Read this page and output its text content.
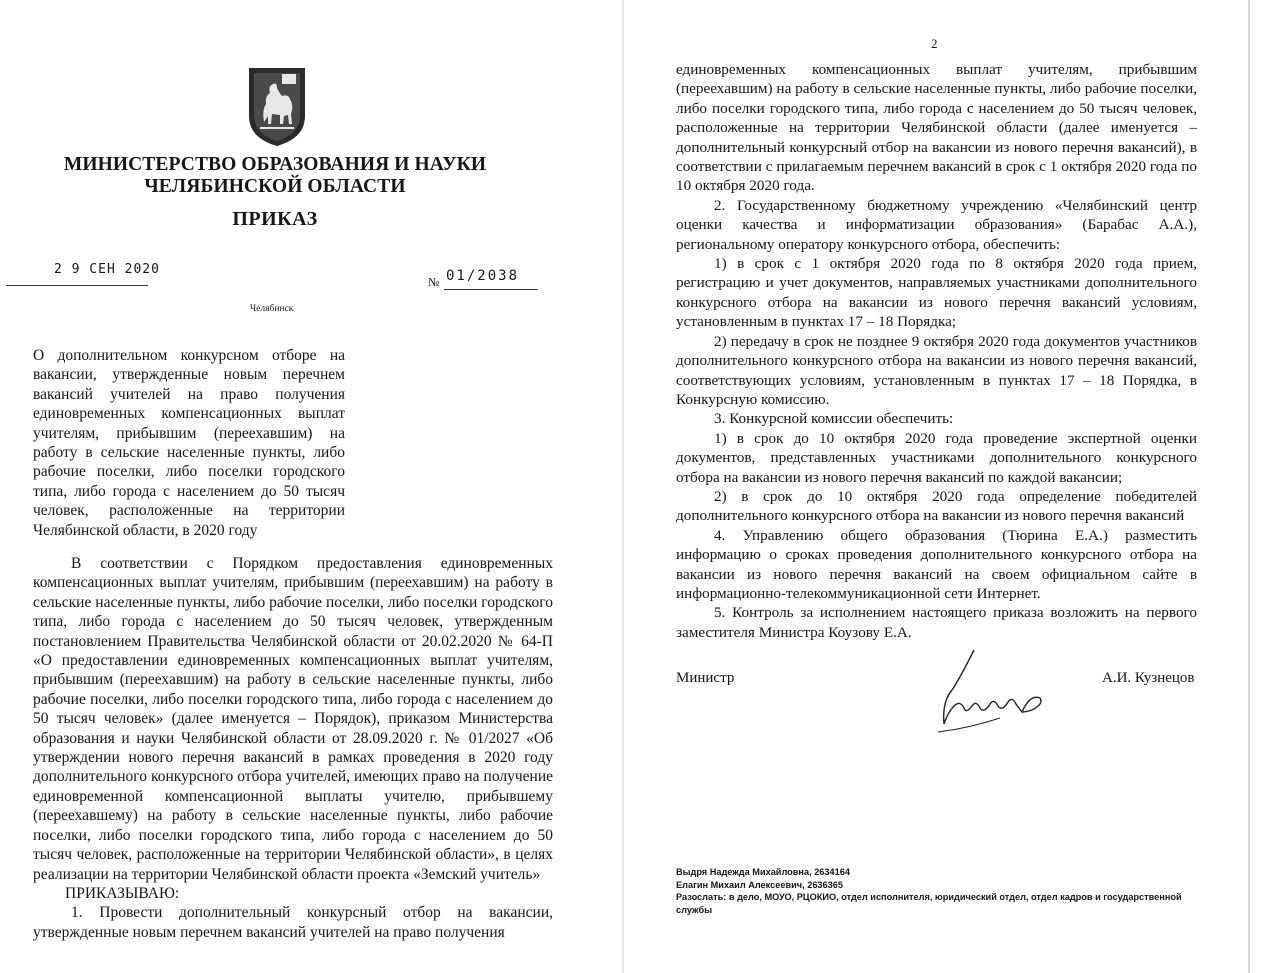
МИНИСТЕРСТВО ОБРАЗОВАНИЯ И НАУКИ
ЧЕЛЯБИНСКОЙ ОБЛАСТИ
ПРИКАЗ
2 9 СЕН 2020
№ 01/2038
Челябинск
О дополнительном конкурсном отборе на вакансии, утвержденные новым перечнем вакансий учителей на право получения единовременных компенсационных выплат учителям, прибывшим (переехавшим) на работу в сельские населенные пункты, либо рабочие поселки, либо поселки городского типа, либо города с населением до 50 тысяч человек, расположенные на территории Челябинской области, в 2020 году

В соответствии с Порядком предоставления единовременных компенсационных выплат учителям, прибывшим (переехавшим) на работу в сельские населенные пункты, либо рабочие поселки, либо поселки городского типа, либо города с населением до 50 тысяч человек, утвержденным постановлением Правительства Челябинской области от 20.02.2020 № 64-П «О предоставлении единовременных компенсационных выплат учителям, прибывшим (переехавшим) на работу в сельские населенные пункты, либо рабочие поселки, либо поселки городского типа, либо города с населением до 50 тысяч человек» (далее именуется – Порядок), приказом Министерства образования и науки Челябинской области от 28.09.2020 г. № 01/2027 «Об утверждении нового перечня вакансий в рамках проведения в 2020 году дополнительного конкурсного отбора учителей, имеющих право на получение единовременной компенсационной выплаты учителю, прибывшему (переехавшему) на работу в сельские населенные пункты, либо рабочие поселки, либо поселки городского типа, либо города с населением до 50 тысяч человек, расположенные на территории Челябинской области», в целях реализации на территории Челябинской области проекта «Земский учитель»

ПРИКАЗЫВАЮ:

1. Провести дополнительный конкурсный отбор на вакансии, утвержденные новым перечнем вакансий учителей на право получения

2

единовременных компенсационных выплат учителям, прибывшим (переехавшим) на работу в сельские населенные пункты, либо рабочие поселки, либо поселки городского типа, либо города с населением до 50 тысяч человек, расположенные на территории Челябинской области (далее именуется – дополнительный конкурсный отбор на вакансии из нового перечня вакансий), в соответствии с прилагаемым перечнем вакансий в срок с 1 октября 2020 года по 10 октября 2020 года.

2. Государственному бюджетному учреждению «Челябинский центр оценки качества и информатизации образования» (Барабас А.А.), региональному оператору конкурсного отбора, обеспечить:

1) в срок с 1 октября 2020 года по 8 октября 2020 года прием, регистрацию и учет документов, направляемых участниками дополнительного конкурсного отбора на вакансии из нового перечня вакансий условиям, установленным в пунктах 17 – 18 Порядка;

2) передачу в срок не позднее 9 октября 2020 года документов участников дополнительного конкурсного отбора на вакансии из нового перечня вакансий, соответствующих условиям, установленным в пунктах 17 – 18 Порядка, в Конкурсную комиссию.

3. Конкурсной комиссии обеспечить:

1) в срок до 10 октября 2020 года проведение экспертной оценки документов, представленных участниками дополнительного конкурсного отбора на вакансии из нового перечня вакансий по каждой вакансии;

2) в срок до 10 октября 2020 года определение победителей дополнительного конкурсного отбора на вакансии из нового перечня вакансий

4. Управлению общего образования (Тюрина Е.А.) разместить информацию о сроках проведения дополнительного конкурсного отбора на вакансии из нового перечня вакансий на своем официальном сайте в информационно-телекоммуникационной сети Интернет.

5. Контроль за исполнением настоящего приказа возложить на первого заместителя Министра Коузову Е.А.

Министр	А.И. Кузнецов
Выдря Надежда Михайловна, 2634164
Елагин Михаил Алексеевич, 2636365
Разослать: в дело, МОУО, РЦОКИО, отдел исполнителя, юридический отдел, отдел кадров и государственной службы
